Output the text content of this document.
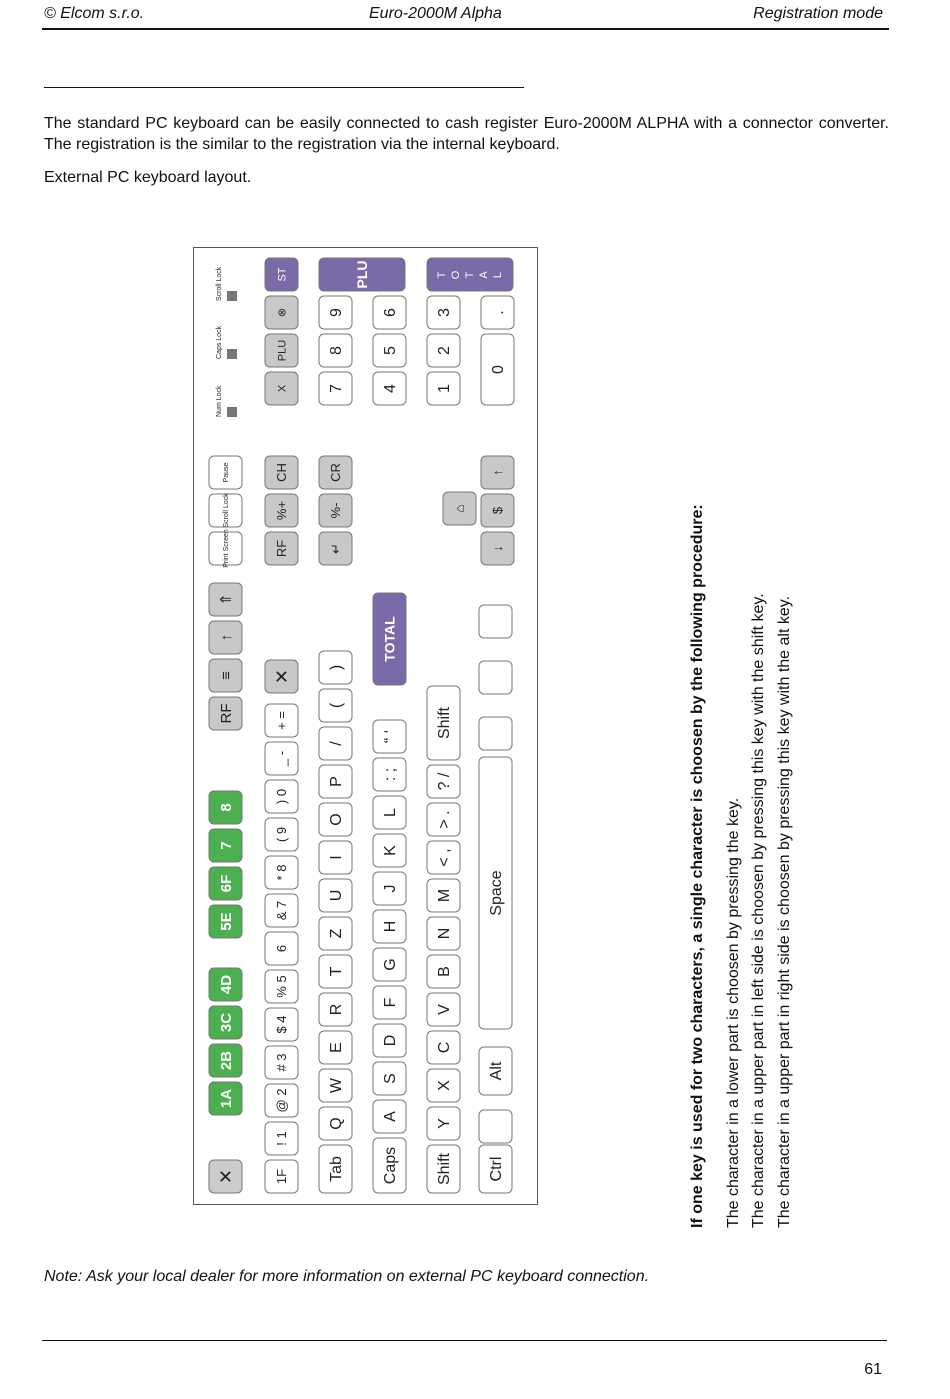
© Elcom s.r.o.	Euro-2000M Alpha	Registration mode
The standard PC keyboard can be easily connected to cash register Euro-2000M ALPHA with a connector converter. The registration is the similar to the registration via the internal keyboard.
External PC keyboard layout.
✕
1A
2B
3C
4D
5E
6F
7
8
RF
≡
↑
⇑
Print Screen
Scroll Lock
Pause
Num Lock
Caps Lock
Scroll Lock
1F
! 1
@ 2
# 3
$ 4
% 5
6
& 7
* 8
( 9
) 0
_ -
+ =
✕
Tab
Q
W
E
R
T
Z
U
I
O
P
/
(
)
Caps
A
S
D
F
G
H
J
K
L
: ;
“ ‘
TOTAL
Shift
Y
X
C
V
B
N
M
< ,
> .
? /
Shift
Ctrl
Alt
Space
RF
%+
CH
↵
%-
CR
⌂
↓
$
↑
X
PLU
⊗
ST
7
8
9
4
5
6
1
2
3
0
.
PLU	T O T A L
If one key is used for two characters, a single character is choosen by the following procedure: The character in a lower part is choosen by pressing the key. The character in a upper part in left side is choosen by pressing this key with the shift key. The character in a upper part in right side is choosen by pressing this key with the alt key.
Note: Ask your local dealer for more information on external PC keyboard connection.
61
